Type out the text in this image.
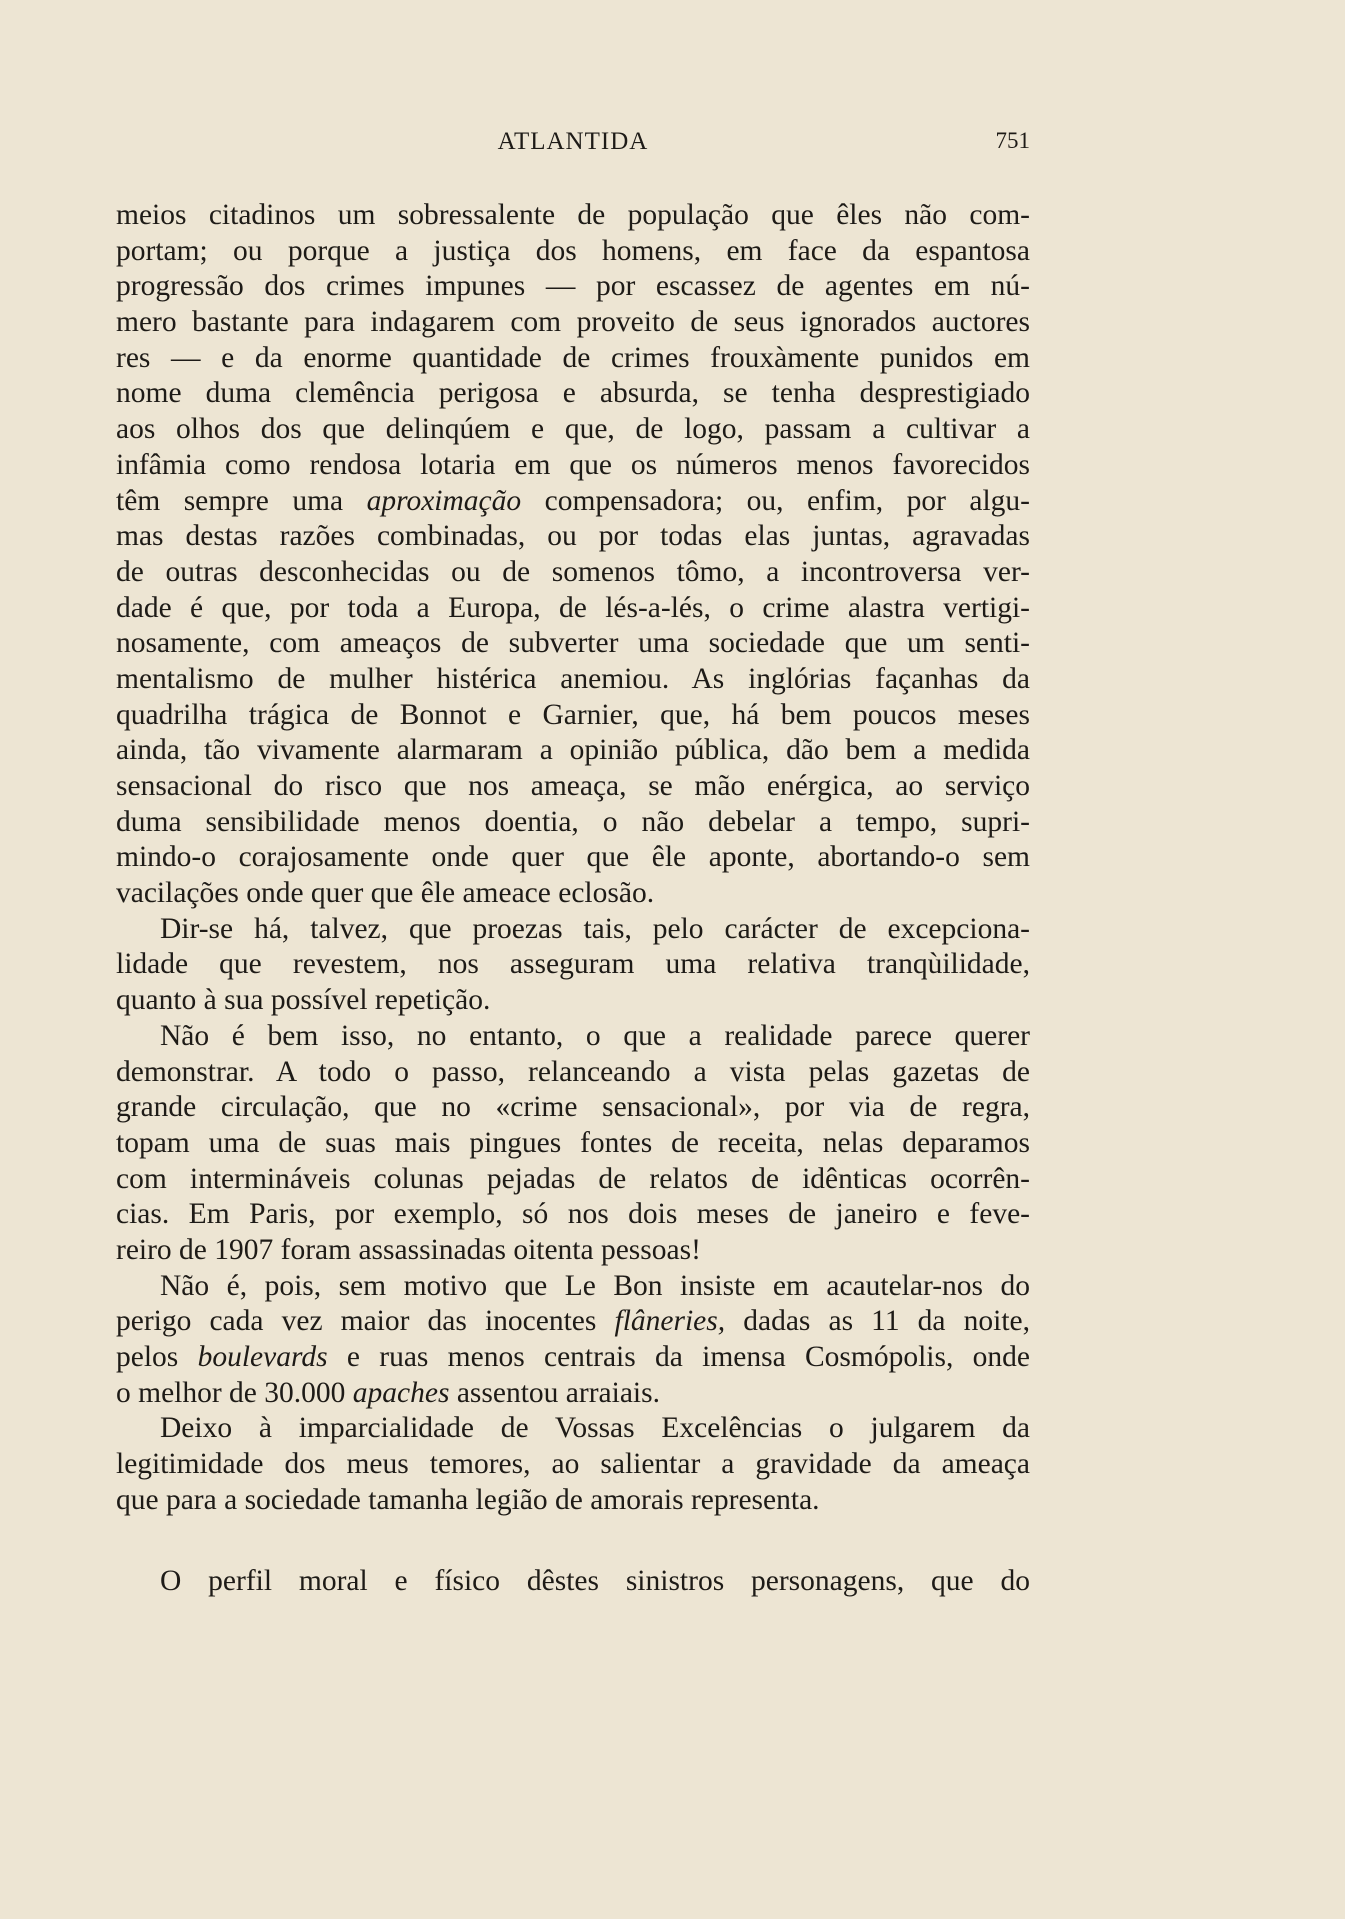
ATLANTIDA	751
meios citadinos um sobressalente de população que êles não com-
portam; ou porque a justiça dos homens, em face da espantosa
progressão dos crimes impunes — por escassez de agentes em nú-
mero bastante para indagarem com proveito de seus ignorados auctores
res — e da enorme quantidade de crimes frouxàmente punidos em
nome duma clemência perigosa e absurda, se tenha desprestigiado
aos olhos dos que delinqúem e que, de logo, passam a cultivar a
infâmia como rendosa lotaria em que os números menos favorecidos
têm sempre uma aproximação compensadora; ou, enfim, por algu-
mas destas razões combinadas, ou por todas elas juntas, agravadas
de outras desconhecidas ou de somenos tômo, a incontroversa ver-
dade é que, por toda a Europa, de lés-a-lés, o crime alastra vertigi-
nosamente, com ameaços de subverter uma sociedade que um senti-
mentalismo de mulher histérica anemiou. As inglórias façanhas da
quadrilha trágica de Bonnot e Garnier, que, há bem poucos meses
ainda, tão vivamente alarmaram a opinião pública, dão bem a medida
sensacional do risco que nos ameaça, se mão enérgica, ao serviço
duma sensibilidade menos doentia, o não debelar a tempo, supri-
mindo-o corajosamente onde quer que êle aponte, abortando-o sem
vacilações onde quer que êle ameace eclosão.
Dir-se há, talvez, que proezas tais, pelo carácter de excepciona-
lidade que revestem, nos asseguram uma relativa tranqùilidade,
quanto à sua possível repetição.
Não é bem isso, no entanto, o que a realidade parece querer
demonstrar. A todo o passo, relanceando a vista pelas gazetas de
grande circulação, que no «crime sensacional», por via de regra,
topam uma de suas mais pingues fontes de receita, nelas deparamos
com intermináveis colunas pejadas de relatos de idênticas ocorrên-
cias. Em Paris, por exemplo, só nos dois meses de janeiro e feve-
reiro de 1907 foram assassinadas oitenta pessoas!
Não é, pois, sem motivo que Le Bon insiste em acautelar-nos do
perigo cada vez maior das inocentes flâneries, dadas as 11 da noite,
pelos boulevards e ruas menos centrais da imensa Cosmópolis, onde
o melhor de 30.000 apaches assentou arraiais.
Deixo à imparcialidade de Vossas Excelências o julgarem da
legitimidade dos meus temores, ao salientar a gravidade da ameaça
que para a sociedade tamanha legião de amorais representa.
O perfil moral e físico dêstes sinistros personagens, que do
